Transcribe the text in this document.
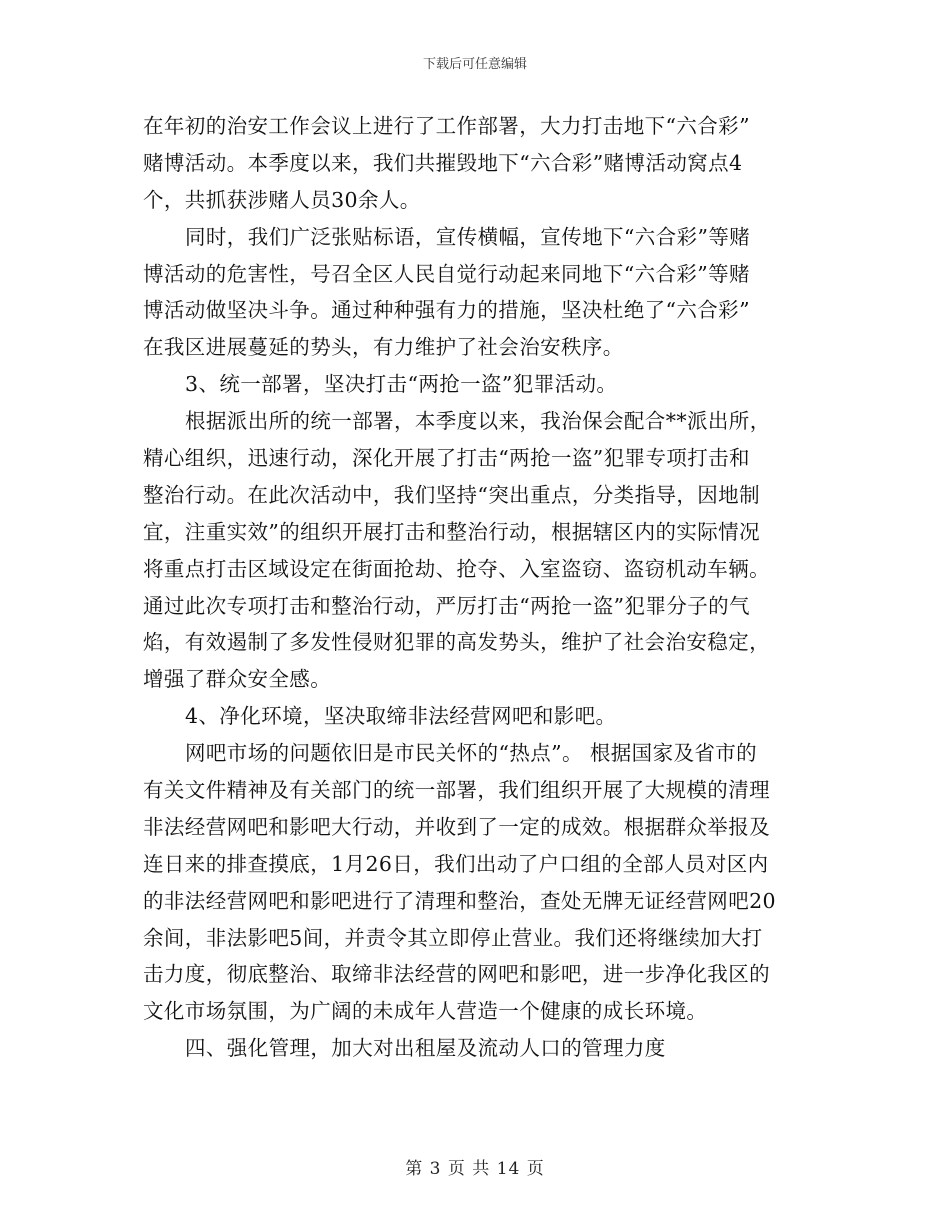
下载后可任意编辑
在年初的治安工作会议上进行了工作部署，大力打击地下“六合彩”
赌博活动。本季度以来，我们共摧毁地下“六合彩”赌博活动窝点4
个，共抓获涉赌人员30余人。
同时，我们广泛张贴标语，宣传横幅，宣传地下“六合彩”等赌
博活动的危害性，号召全区人民自觉行动起来同地下“六合彩”等赌
博活动做坚决斗争。通过种种强有力的措施，坚决杜绝了“六合彩”
在我区进展蔓延的势头，有力维护了社会治安秩序。
3、统一部署，坚决打击“两抢一盗”犯罪活动。
根据派出所的统一部署，本季度以来，我治保会配合**派出所，
精心组织，迅速行动，深化开展了打击“两抢一盗”犯罪专项打击和
整治行动。在此次活动中，我们坚持“突出重点，分类指导，因地制
宜，注重实效”的组织开展打击和整治行动，根据辖区内的实际情况
将重点打击区域设定在街面抢劫、抢夺、入室盗窃、盗窃机动车辆。
通过此次专项打击和整治行动，严厉打击“两抢一盗”犯罪分子的气
焰，有效遏制了多发性侵财犯罪的高发势头，维护了社会治安稳定，
增强了群众安全感。
4、净化环境，坚决取缔非法经营网吧和影吧。
网吧市场的问题依旧是市民关怀的“热点”。 根据国家及省市的
有关文件精神及有关部门的统一部署，我们组织开展了大规模的清理
非法经营网吧和影吧大行动，并收到了一定的成效。根据群众举报及
连日来的排查摸底，1月26日，我们出动了户口组的全部人员对区内
的非法经营网吧和影吧进行了清理和整治，查处无牌无证经营网吧20
余间，非法影吧5间，并责令其立即停止营业。我们还将继续加大打
击力度，彻底整治、取缔非法经营的网吧和影吧，进一步净化我区的
文化市场氛围，为广阔的未成年人营造一个健康的成长环境。
四、强化管理，加大对出租屋及流动人口的管理力度
第 3 页 共 14 页
